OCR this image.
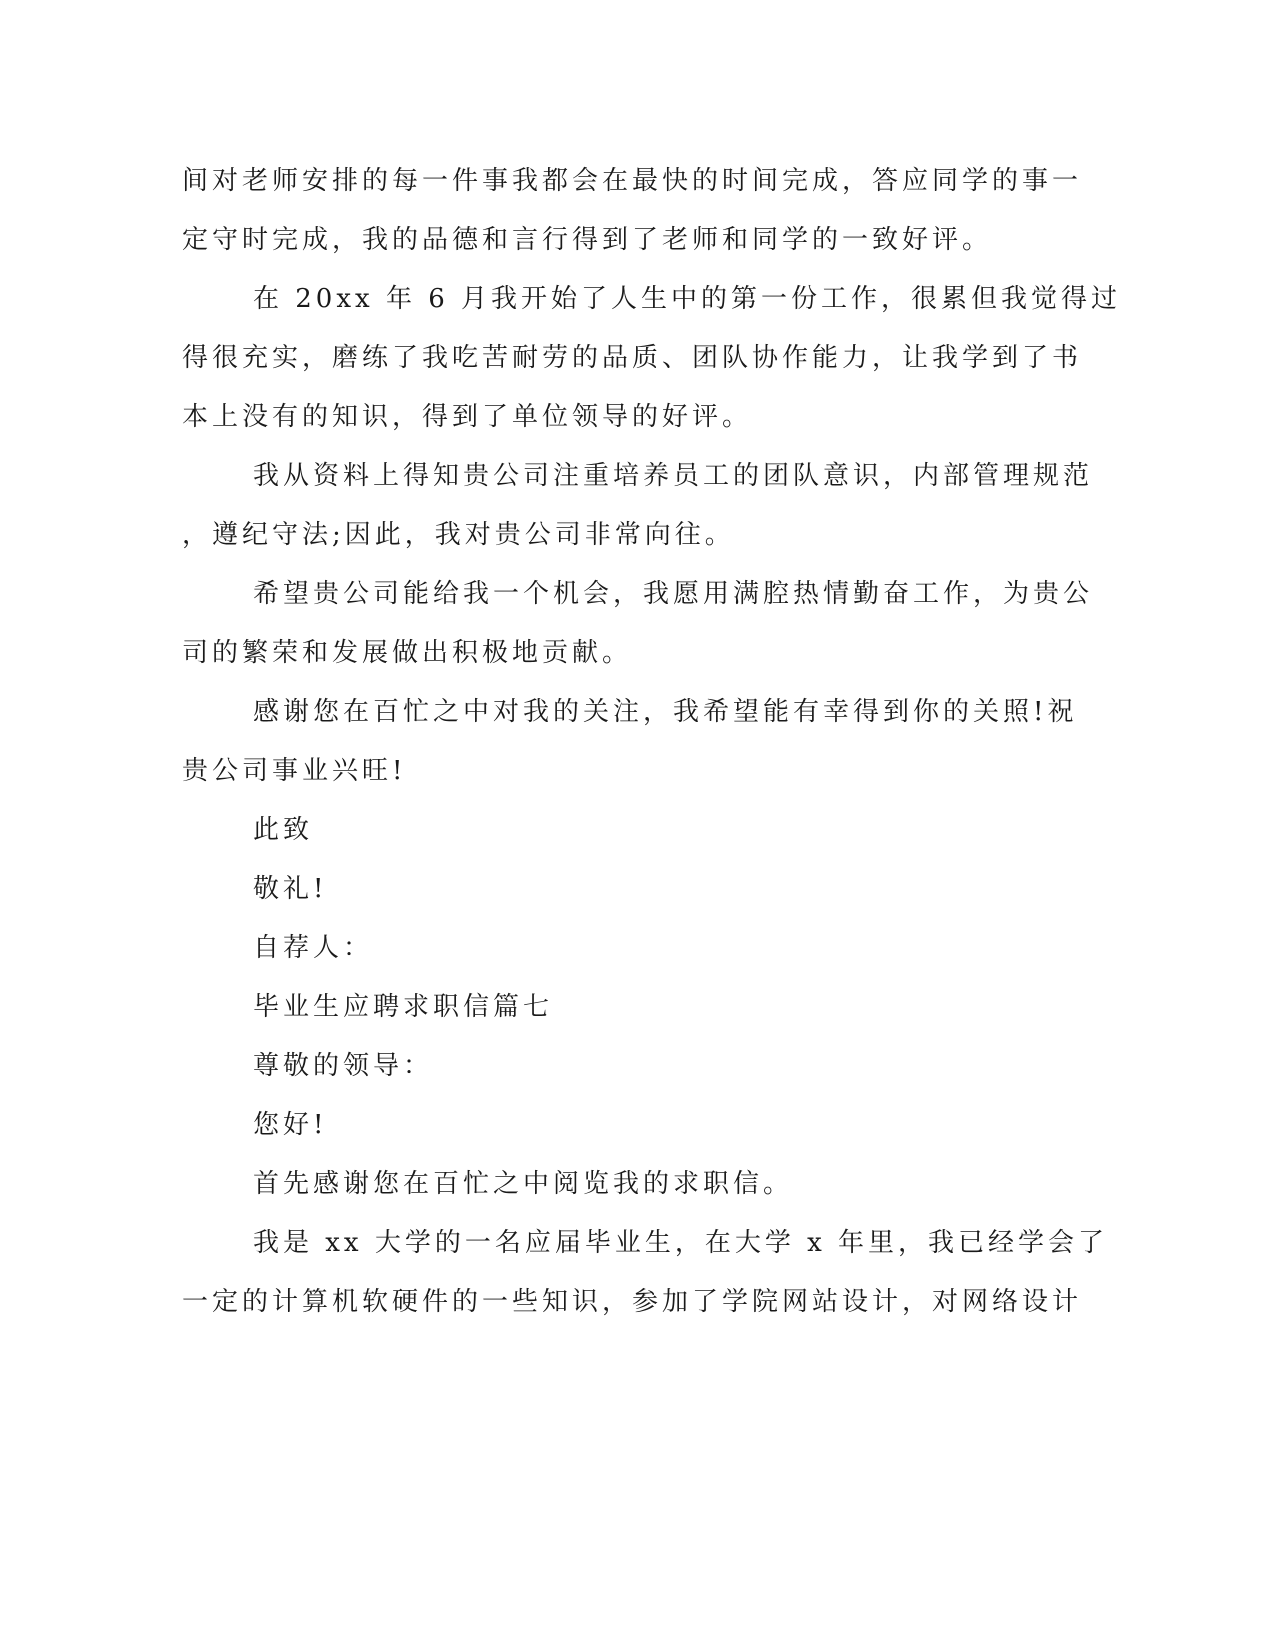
间对老师安排的每一件事我都会在最快的时间完成，答应同学的事一
定守时完成，我的品德和言行得到了老师和同学的一致好评。
在 20xx 年 6 月我开始了人生中的第一份工作，很累但我觉得过
得很充实，磨练了我吃苦耐劳的品质、团队协作能力，让我学到了书
本上没有的知识，得到了单位领导的好评。
我从资料上得知贵公司注重培养员工的团队意识，内部管理规范
，遵纪守法;因此，我对贵公司非常向往。
希望贵公司能给我一个机会，我愿用满腔热情勤奋工作，为贵公
司的繁荣和发展做出积极地贡献。
感谢您在百忙之中对我的关注，我希望能有幸得到你的关照!祝
贵公司事业兴旺!
此致
敬礼!
自荐人：
毕业生应聘求职信篇七
尊敬的领导：
您好!
首先感谢您在百忙之中阅览我的求职信。
我是 xx 大学的一名应届毕业生，在大学 x 年里，我已经学会了
一定的计算机软硬件的一些知识，参加了学院网站设计，对网络设计
